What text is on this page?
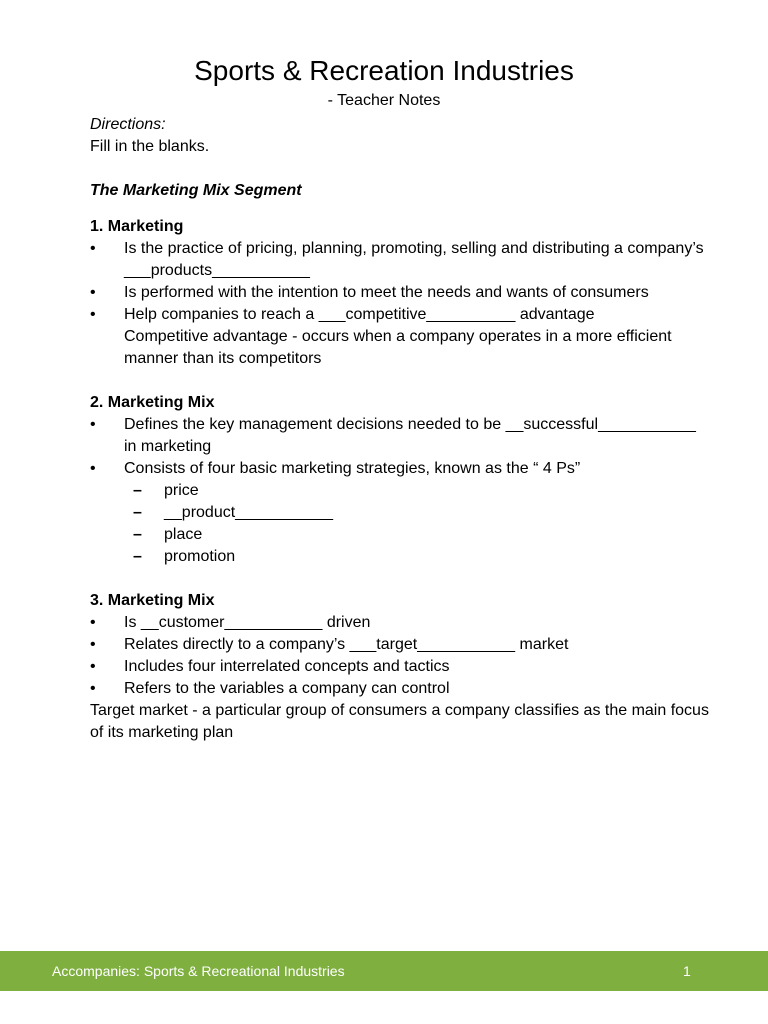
Sports & Recreation Industries
- Teacher Notes
Directions:
Fill in the blanks.
The Marketing Mix Segment
1. Marketing
•	Is the practice of pricing, planning, promoting, selling and distributing a company’s ___products___________
•	Is performed with the intention to meet the needs and wants of consumers
•	Help companies to reach a ___competitive__________ advantage
Competitive advantage - occurs when a company operates in a more efficient manner than its competitors
2. Marketing Mix
•	Defines the key management decisions needed to be __successful___________ in marketing
•	Consists of four basic marketing strategies, known as the “ 4 Ps”
– price
– __product___________
– place
– promotion
3. Marketing Mix
•	Is __customer___________ driven
•	Relates directly to a company’s ___target___________ market
•	Includes four interrelated concepts and tactics
•	Refers to the variables a company can control
Target market - a particular group of consumers a company classifies as the main focus of its marketing plan
Accompanies: Sports & Recreational Industries	1
